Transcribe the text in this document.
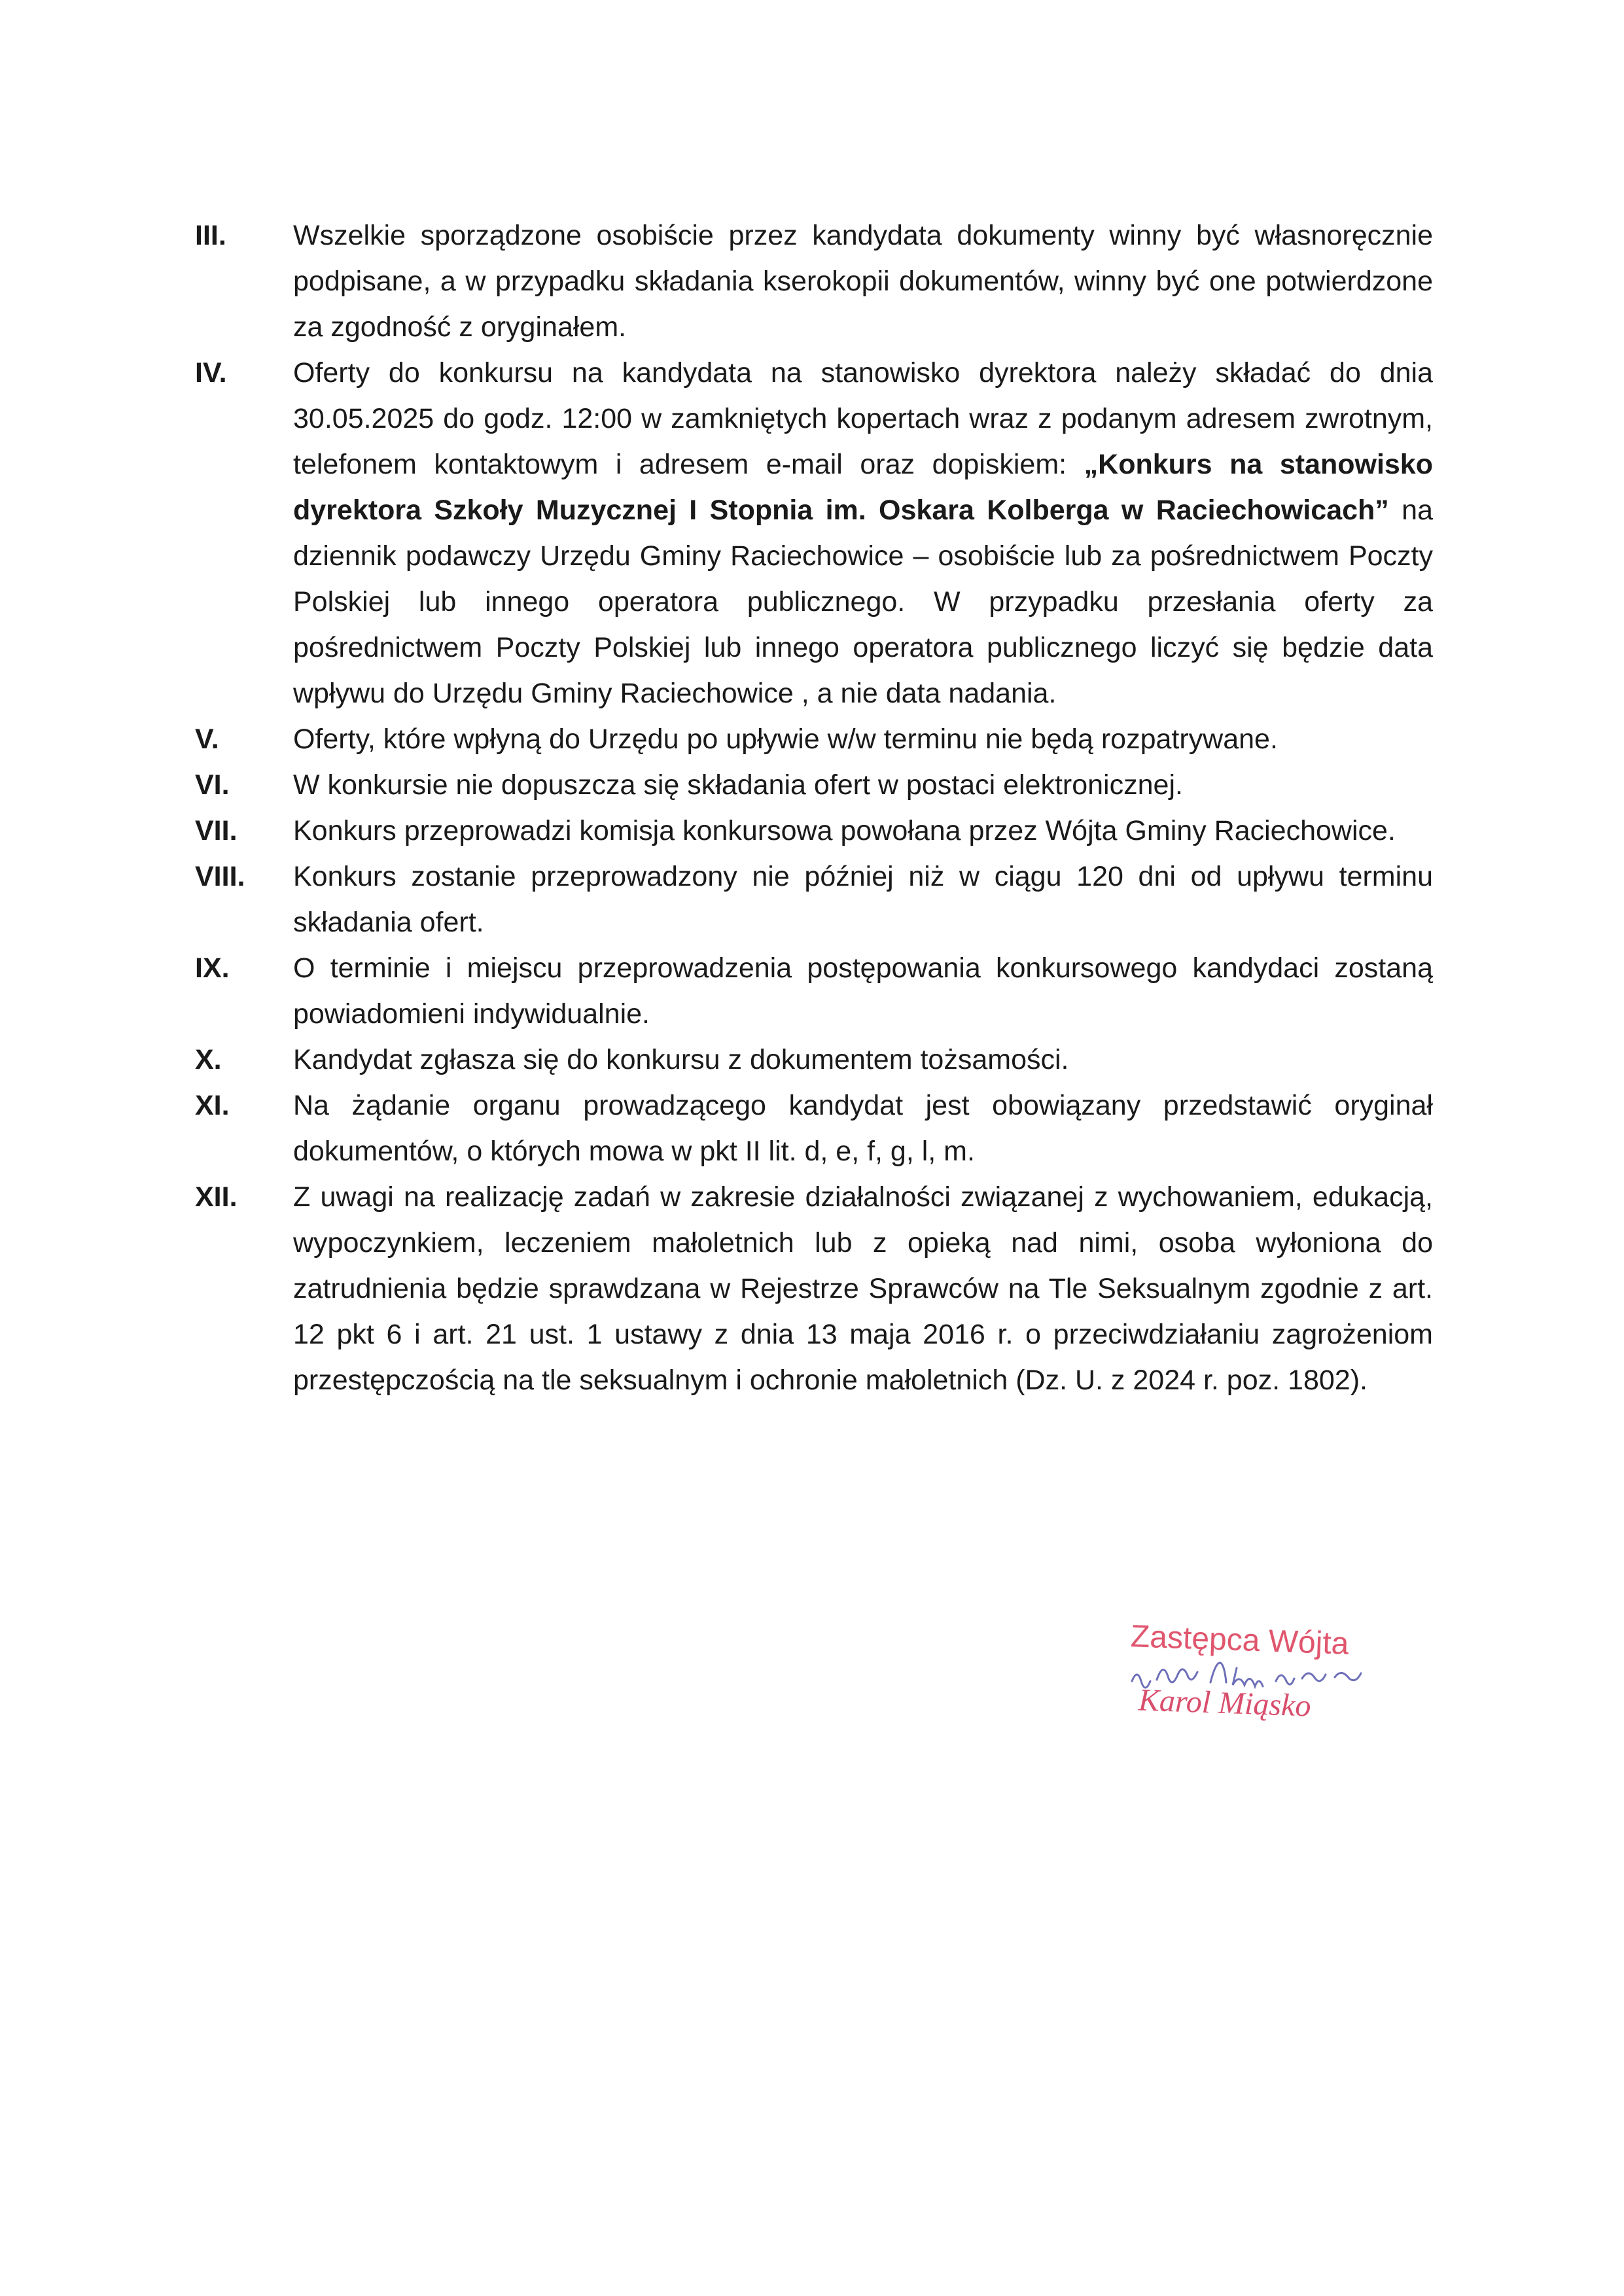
III.	Wszelkie sporządzone osobiście przez kandydata dokumenty winny być własnoręcznie podpisane, a w przypadku składania kserokopii dokumentów, winny być one potwierdzone za zgodność z oryginałem.
IV.	Oferty do konkursu na kandydata na stanowisko dyrektora należy składać do dnia 30.05.2025 do godz. 12:00 w zamkniętych kopertach wraz z podanym adresem zwrotnym, telefonem kontaktowym i adresem e-mail oraz dopiskiem: „Konkurs na stanowisko dyrektora Szkoły Muzycznej I Stopnia im. Oskara Kolberga w Raciechowicach” na dziennik podawczy Urzędu Gminy Raciechowice – osobiście lub za pośrednictwem Poczty Polskiej lub innego operatora publicznego. W przypadku przesłania oferty za pośrednictwem Poczty Polskiej lub innego operatora publicznego liczyć się będzie data wpływu do Urzędu Gminy Raciechowice , a nie data nadania.
V.	Oferty, które wpłyną do Urzędu po upływie w/w terminu nie będą rozpatrywane.
VI.	W konkursie nie dopuszcza się składania ofert w postaci elektronicznej.
VII.	Konkurs przeprowadzi komisja konkursowa powołana przez Wójta Gminy Raciechowice.
VIII.	Konkurs zostanie przeprowadzony nie później niż w ciągu 120 dni od upływu terminu składania ofert.
IX.	O terminie i miejscu przeprowadzenia postępowania konkursowego kandydaci zostaną powiadomieni indywidualnie.
X.	Kandydat zgłasza się do konkursu z dokumentem tożsamości.
XI.	Na żądanie organu prowadzącego kandydat jest obowiązany przedstawić oryginał dokumentów, o których mowa w pkt II lit. d, e, f, g, l, m.
XII.	Z uwagi na realizację zadań w zakresie działalności związanej z wychowaniem, edukacją, wypoczynkiem, leczeniem małoletnich lub z opieką nad nimi, osoba wyłoniona do zatrudnienia będzie sprawdzana w Rejestrze Sprawców na Tle Seksualnym zgodnie z art. 12 pkt 6 i art. 21 ust. 1 ustawy z dnia 13 maja 2016 r. o przeciwdziałaniu zagrożeniom przestępczością na tle seksualnym i ochronie małoletnich (Dz. U. z 2024 r. poz. 1802).
Zastępca Wójta
Karol Miąsko
